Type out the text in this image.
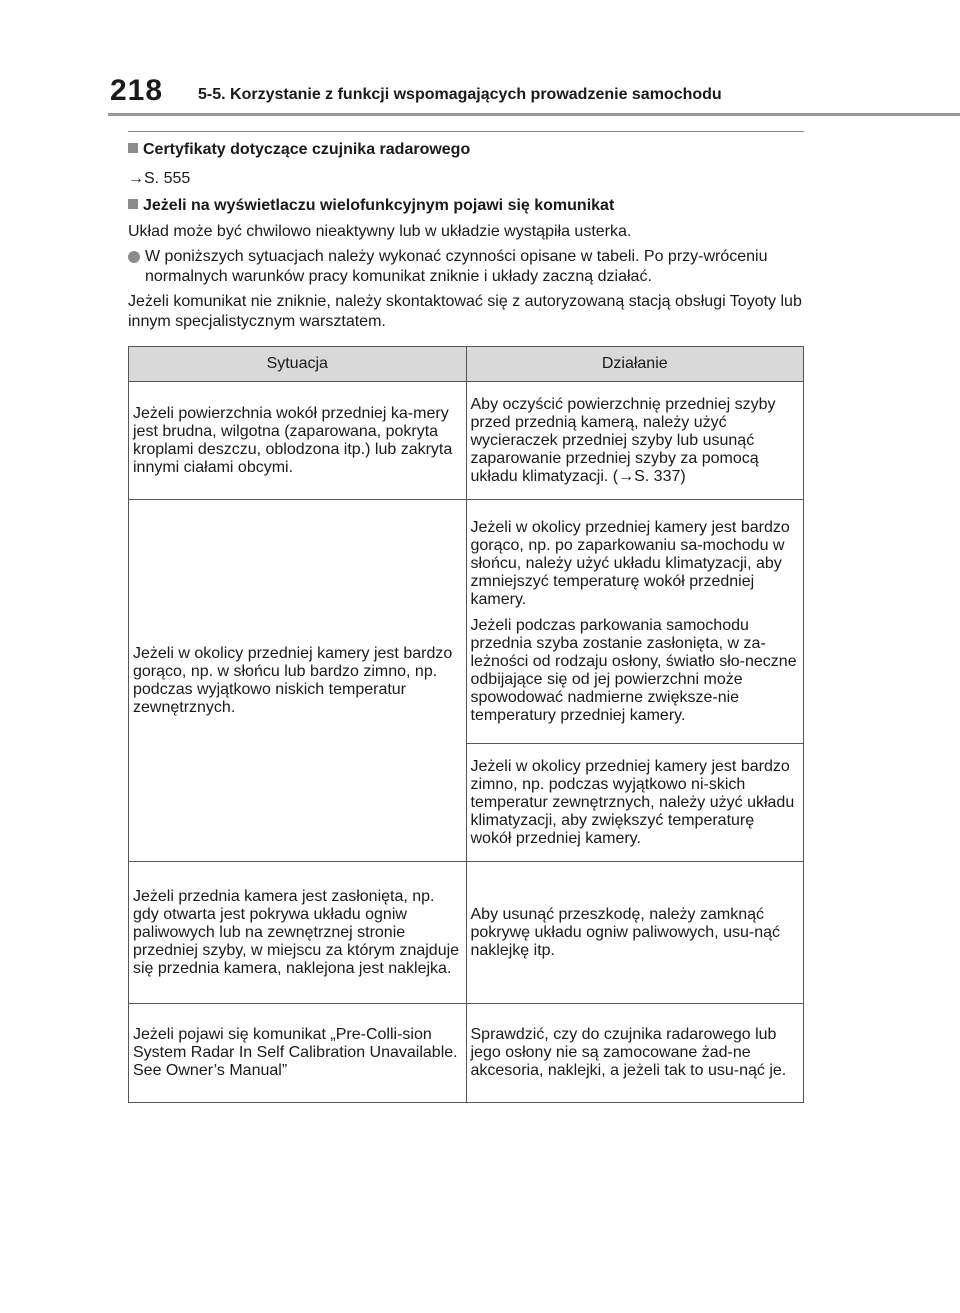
218 5-5. Korzystanie z funkcji wspomagających prowadzenie samochodu

Certyfikaty dotyczące czujnika radarowego

→S. 555

Jeżeli na wyświetlaczu wielofunkcyjnym pojawi się komunikat

Układ może być chwilowo nieaktywny lub w układzie wystąpiła usterka.

W poniższych sytuacjach należy wykonać czynności opisane w tabeli. Po przy-wróceniu normalnych warunków pracy komunikat zniknie i układy zaczną działać.

Jeżeli komunikat nie zniknie, należy skontaktować się z autoryzowaną stacją obsługi Toyoty lub innym specjalistycznym warsztatem.

Sytuacja	Działanie
Jeżeli powierzchnia wokół przedniej ka-mery jest brudna, wilgotna (zaparowana, pokryta kroplami deszczu, oblodzona itp.) lub zakryta innymi ciałami obcymi.	Aby oczyścić powierzchnię przedniej szyby przed przednią kamerą, należy użyć wycieraczek przedniej szyby lub usunąć zaparowanie przedniej szyby za pomocą układu klimatyzacji. (→S. 337)
Jeżeli w okolicy przedniej kamery jest bardzo gorąco, np. w słońcu lub bardzo zimno, np. podczas wyjątkowo niskich temperatur zewnętrznych.	Jeżeli w okolicy przedniej kamery jest bardzo gorąco, np. po zaparkowaniu sa-mochodu w słońcu, należy użyć układu klimatyzacji, aby zmniejszyć temperaturę wokół przedniej kamery.

Jeżeli podczas parkowania samochodu przednia szyba zostanie zasłonięta, w za-leżności od rodzaju osłony, światło sło-neczne odbijające się od jej powierzchni może spowodować nadmierne zwiększe-nie temperatury przedniej kamery.

	Jeżeli w okolicy przedniej kamery jest bardzo zimno, np. podczas wyjątkowo ni-skich temperatur zewnętrznych, należy użyć układu klimatyzacji, aby zwiększyć temperaturę wokół przedniej kamery.
Jeżeli przednia kamera jest zasłonięta, np. gdy otwarta jest pokrywa układu ogniw paliwowych lub na zewnętrznej stronie przedniej szyby, w miejscu za którym znajduje się przednia kamera, naklejona jest naklejka.	Aby usunąć przeszkodę, należy zamknąć pokrywę układu ogniw paliwowych, usu-nąć naklejkę itp.
Jeżeli pojawi się komunikat „Pre-Colli-sion System Radar In Self Calibration Unavailable. See Owner’s Manual”	Sprawdzić, czy do czujnika radarowego lub jego osłony nie są zamocowane żad-ne akcesoria, naklejki, a jeżeli tak to usu-nąć je.
